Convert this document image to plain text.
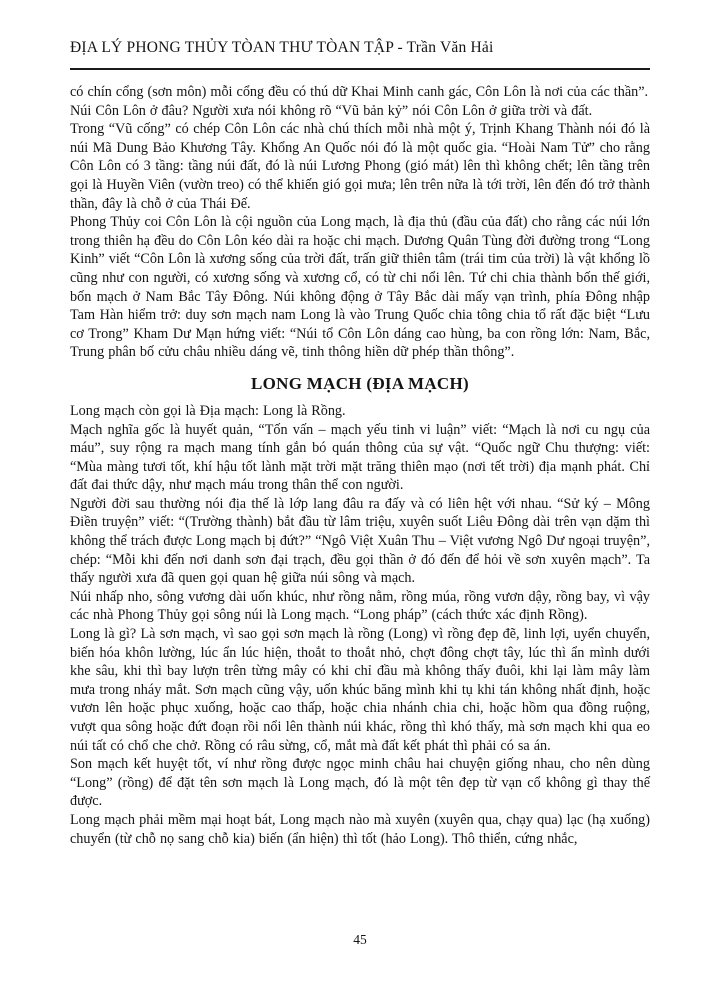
ĐỊA LÝ PHONG THỦY TÒAN THƯ TÒAN TẬP - Trần Văn Hải

có chín cổng (sơn môn) mỗi cổng đều có thú dữ Khai Minh canh gác, Côn Lôn là nơi của các thần”.

Núi Côn Lôn ở đâu? Người xưa nói không rõ “Vũ bản kỷ” nói Côn Lôn ở giữa trời và đất.

Trong “Vũ cống” có chép Côn Lôn các nhà chú thích mỗi nhà một ý, Trịnh Khang Thành nói đó là núi Mã Dung Bảo Khương Tây. Khổng An Quốc nói đó là một quốc gia. “Hoài Nam Tử” cho rằng Côn Lôn có 3 tầng: tầng núi đất, đó là núi Lương Phong (gió mát) lên thì không chết; lên tầng trên gọi là Huyền Viên (vườn treo) có thể khiến gió gọi mưa; lên trên nữa là tới trời, lên đến đó trở thành thần, đây là chỗ ở của Thái Đế.

Phong Thủy coi Côn Lôn là cội nguồn của Long mạch, là địa thủ (đầu của đất) cho rằng các núi lớn trong thiên hạ đều do Côn Lôn kéo dài ra hoặc chi mạch. Dương Quân Tùng đời đường trong “Long Kinh” viết “Côn Lôn là xương sống của trời đất, trấn giữ thiên tâm (trái tim của trời) là vật khổng lồ cũng như con người, có xương sống và xương cổ, có từ chi nổi lên. Tứ chi chia thành bốn thế giới, bốn mạch ở Nam Bắc Tây Đông. Núi không động ở Tây Bắc dài mấy vạn trình, phía Đông nhập Tam Hàn hiểm trở: duy sơn mạch nam Long là vào Trung Quốc chia tông chia tổ rất đặc biệt “Lưu cơ Trong” Kham Dư Mạn hứng viết: “Núi tổ Côn Lôn dáng cao hùng, ba con rồng lớn: Nam, Bắc, Trung phân bố cửu châu nhiều dáng vẽ, tinh thông hiền dữ phép thần thông”.

LONG MẠCH (ĐỊA MẠCH)

Long mạch còn gọi là Địa mạch: Long là Rồng.

Mạch nghĩa gốc là huyết quản, “Tốn vấn – mạch yếu tinh vi luận” viết: “Mạch là nơi cu ngụ của máu”, suy rộng ra mạch mang tính gắn bó quán thông của sự vật. “Quốc ngữ Chu thượng: viết: “Mùa màng tươi tốt, khí hậu tốt lành mặt trời mặt trăng thiên mạo (nơi tết trời) địa mạnh phát. Chỉ đất đai thức dậy, như mạch máu trong thân thể con người.

Người đời sau thường nói địa thế là lớp lang đâu ra đấy và có liên hệt với nhau. “Sử ký – Mông Điền truyện” viết: “(Trường thành) bắt đầu từ lâm triệu, xuyên suốt Liêu Đông dài trên vạn dặm thì không thể trách được Long mạch bị đứt?” “Ngô Việt Xuân Thu – Việt vương Ngô Dư ngoại truyện”, chép: “Mỗi khi đến nơi danh sơn đại trạch, đều gọi thần ở đó đến để hỏi về sơn xuyên mạch”. Ta thấy người xưa đã quen gọi quan hệ giữa núi sông và mạch.

Núi nhấp nho, sông vương dài uốn khúc, như rồng nằm, rồng múa, rồng vươn dậy, rồng bay, vì vậy các nhà Phong Thủy gọi sông núi là Long mạch. “Long pháp” (cách thức xác định Rồng).

Long là gì? Là sơn mạch, vì sao gọi sơn mạch là rồng (Long) vì rồng đẹp đẽ, linh lợi, uyển chuyển, biến hóa khôn lường, lúc ẩn lúc hiện, thoắt to thoắt nhỏ, chợt đông chợt tây, lúc thì ẩn mình dưới khe sâu, khi thì bay lượn trên từng mây có khi chỉ đầu mà không thấy đuôi, khi lại làm mây làm mưa trong nháy mắt. Sơn mạch cũng vậy, uốn khúc băng mình khi tụ khi tán không nhất định, hoặc vươn lên hoặc phục xuống, hoặc cao thấp, hoặc chia nhánh chia chi, hoặc hồm qua đồng ruộng, vượt qua sông hoặc đứt đoạn rồi nổi lên thành núi khác, rồng thì khó thấy, mà sơn mạch khi qua eo núi tất có chổ che chở. Rồng có râu sừng, cổ, mắt mà đất kết phát thì phải có sa án.

Son mạch kết huyệt tốt, ví như rồng được ngọc minh châu hai chuyện giống nhau, cho nên dùng “Long” (rồng) để đặt tên sơn mạch là Long mạch, đó là một tên đẹp từ vạn cổ không gì thay thế được.

Long mạch phải mềm mại hoạt bát, Long mạch nào mà xuyên (xuyên qua, chạy qua) lạc (hạ xuống) chuyển (từ chỗ nọ sang chỗ kia) biến (ẩn hiện) thì tốt (hảo Long). Thô thiển, cứng nhắc,

45
